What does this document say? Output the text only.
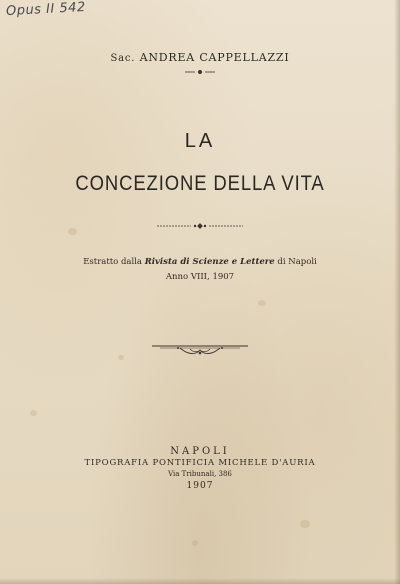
Opus II 542
Sac. ANDREA CAPPELLAZZI
LA
CONCEZIONE DELLA VITA
Estratto dalla Rivista di Scienze e Lettere di Napoli
Anno VIII, 1907
NAPOLI
TIPOGRAFIA PONTIFICIA MICHELE D'AURIA
Via Tribunali, 386
1907
